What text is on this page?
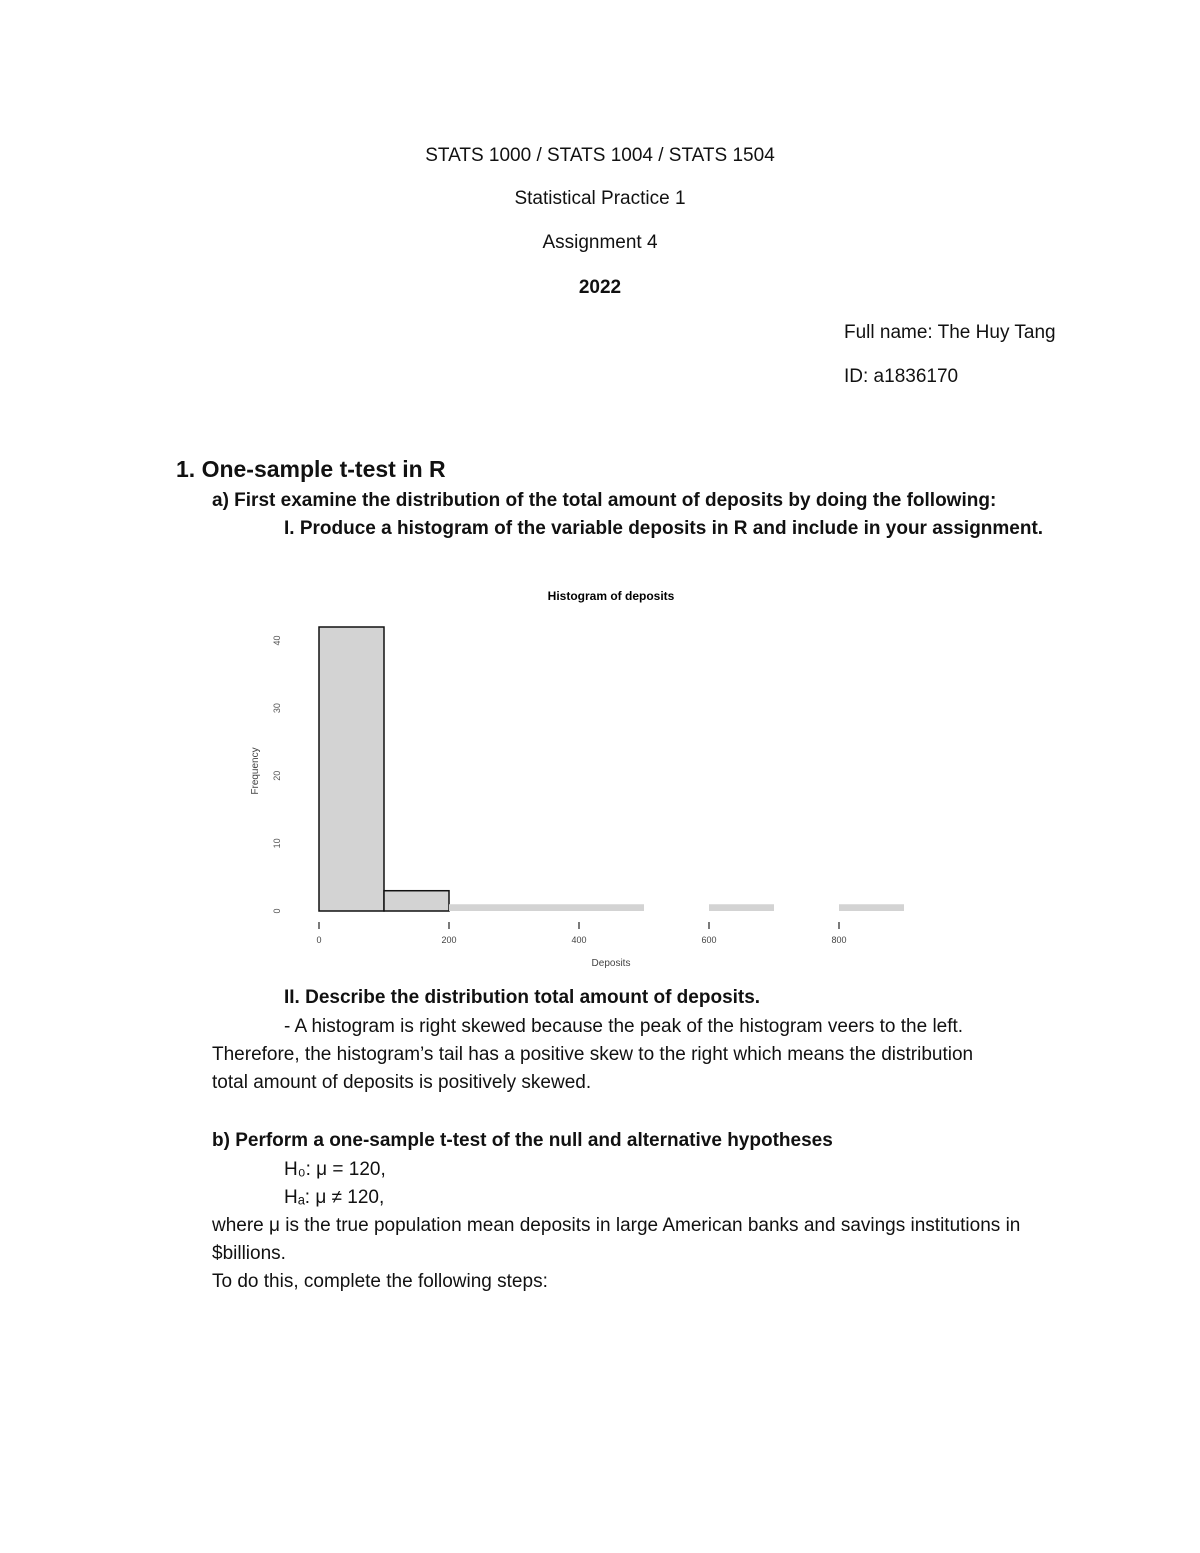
STATS 1000 / STATS 1004 / STATS 1504
Statistical Practice 1
Assignment 4
2022
Full name: The Huy Tang
ID: a1836170
1. One-sample t-test in R
a) First examine the distribution of the total amount of deposits by doing the following:
I. Produce a histogram of the variable deposits in R and include in your assignment.
Histogram of deposits
0	200	400	600	800
0
10
20
30
40
Deposits
Frequency
II. Describe the distribution total amount of deposits.
- A histogram is right skewed because the peak of the histogram veers to the left.
Therefore, the histogram’s tail has a positive skew to the right which means the distribution
total amount of deposits is positively skewed.
b) Perform a one-sample t-test of the null and alternative hypotheses
H₀: μ = 120,
Hₐ: μ ≠ 120,
where μ is the true population mean deposits in large American banks and savings institutions in
$billions.
To do this, complete the following steps:
